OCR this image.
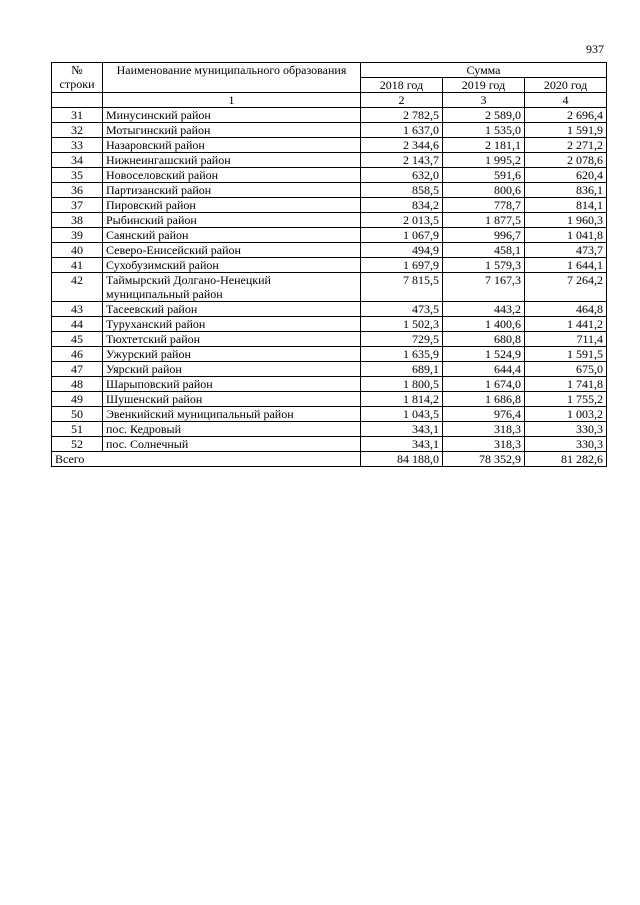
937
№
строки	Наименование муниципального образования	Сумма		
		2018 год	2019 год	2020 год
	1	2	3	4
31	Минусинский район	2 782,5	2 589,0	2 696,4
32	Мотыгинский район	1 637,0	1 535,0	1 591,9
33	Назаровский район	2 344,6	2 181,1	2 271,2
34	Нижнеингашский район	2 143,7	1 995,2	2 078,6
35	Новоселовский район	632,0	591,6	620,4
36	Партизанский район	858,5	800,6	836,1
37	Пировский район	834,2	778,7	814,1
38	Рыбинский район	2 013,5	1 877,5	1 960,3
39	Саянский район	1 067,9	996,7	1 041,8
40	Северо-Енисейский район	494,9	458,1	473,7
41	Сухобузимский район	1 697,9	1 579,3	1 644,1
42	Таймырский Долгано-Ненецкий муниципальный район	7 815,5	7 167,3	7 264,2
43	Тасеевский район	473,5	443,2	464,8
44	Туруханский район	1 502,3	1 400,6	1 441,2
45	Тюхтетский район	729,5	680,8	711,4
46	Ужурский район	1 635,9	1 524,9	1 591,5
47	Уярский район	689,1	644,4	675,0
48	Шарыповский район	1 800,5	1 674,0	1 741,8
49	Шушенский район	1 814,2	1 686,8	1 755,2
50	Эвенкийский муниципальный район	1 043,5	976,4	1 003,2
51	пос. Кедровый	343,1	318,3	330,3
52	пос. Солнечный	343,1	318,3	330,3
Всего		84 188,0	78 352,9	81 282,6
